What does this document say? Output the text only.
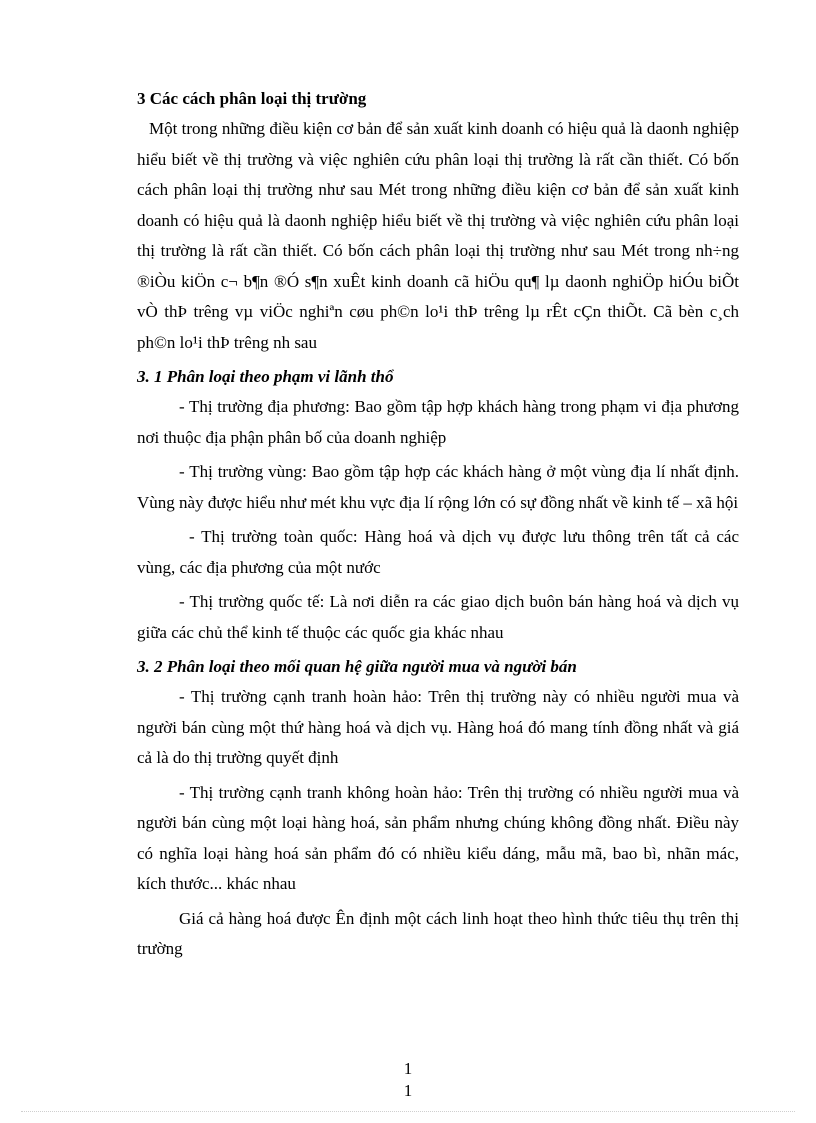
3 Các cách phân loại thị trường

Một trong những điều kiện cơ bản để sản xuất kinh doanh có hiệu quả là daonh nghiệp hiểu biết về thị trường và việc nghiên cứu phân loại thị trường là rất cần thiết. Có bốn cách phân loại thị trường như sau Mét trong những điều kiện cơ bản để sản xuất kinh doanh có hiệu quả là daonh nghiệp hiểu biết về thị trường và việc nghiên cứu phân loại thị trường là rất cần thiết. Có bốn cách phân loại thị trường như sau Mét trong nh÷ng ®iÒu kiÖn c¬ b¶n ®Ó s¶n xuÊt kinh doanh cã hiÖu qu¶ lµ daonh nghiÖp hiÓu biÕt vÒ thÞ trêng vµ viÖc nghiªn cøu ph©n lo¹i thÞ trêng lµ rÊt cÇn thiÕt. Cã bèn c¸ch ph©n lo¹i thÞ trêng nh sau

3. 1 Phân loại theo phạm vi lãnh thổ

- Thị trường địa phương: Bao gồm tập hợp khách hàng trong phạm vi địa phương nơi thuộc địa phận phân bố của doanh nghiệp

- Thị trường vùng: Bao gồm tập hợp các khách hàng ở một vùng địa lí nhất định. Vùng này được hiểu như mét khu vực địa lí rộng lớn có sự đồng nhất về kinh tế – xã hội

- Thị trường toàn quốc: Hàng hoá và dịch vụ được lưu thông trên tất cả các vùng, các địa phương của một nước

- Thị trường quốc tế: Là nơi diễn ra các giao dịch buôn bán hàng hoá và dịch vụ giữa các chủ thể kinh tế thuộc các quốc gia khác nhau

3. 2 Phân loại theo mối quan hệ giữa người mua và người bán

- Thị trường cạnh tranh hoàn hảo: Trên thị trường này có nhiều người mua và người bán cùng một thứ hàng hoá và dịch vụ. Hàng hoá đó mang tính đồng nhất và giá cả là do thị trường quyết định

- Thị trường cạnh tranh không hoàn hảo: Trên thị trường có nhiều người mua và người bán cùng một loại hàng hoá, sản phẩm nhưng chúng không đồng nhất. Điều này có nghĩa loại hàng hoá sản phẩm đó có nhiều kiểu dáng, mẫu mã, bao bì, nhãn mác, kích thước... khác nhau

Giá cả hàng hoá được Ên định một cách linh hoạt theo hình thức tiêu thụ trên thị trường

1
1
